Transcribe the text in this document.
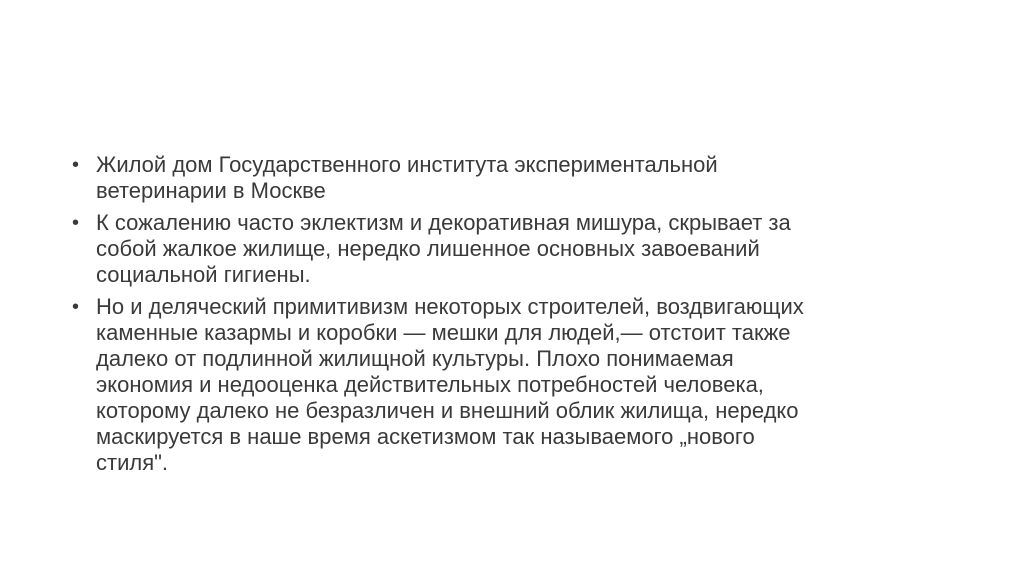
• Жилой дом Государственного института экспериментальной
ветеринарии в Москве
• К сожалению часто эклектизм и декоративная мишура, скрывает за
собой жалкое жилище, нередко лишенное основных завоеваний
социальной гигиены.
• Но и деляческий примитивизм некоторых строителей, воздвигающих
каменные казармы и коробки — мешки для людей,— отстоит также
далеко от подлинной жилищной культуры. Плохо понимаемая
экономия и недооценка действительных потребностей человека,
которому далеко не безразличен и внешний облик жилища, нередко
маскируется в наше время аскетизмом так называемого „нового
стиля".
